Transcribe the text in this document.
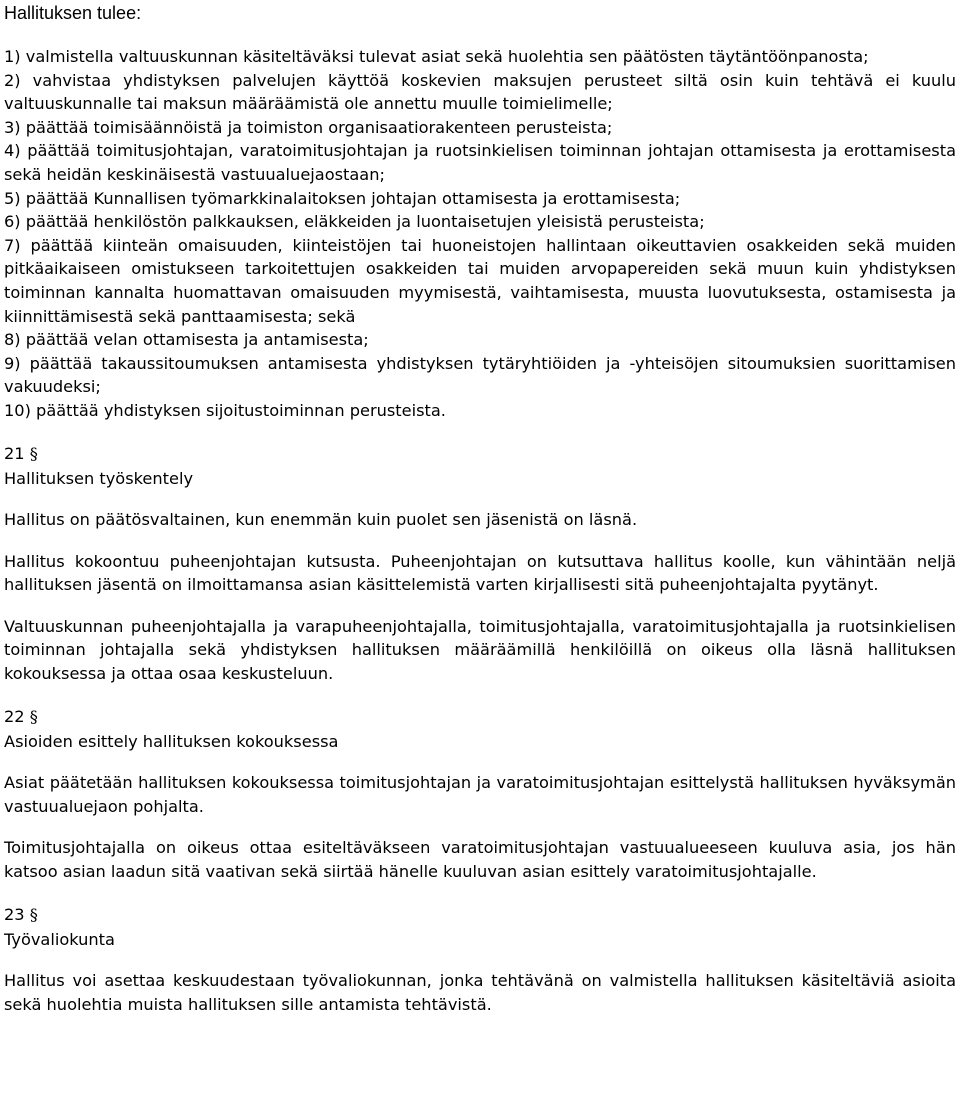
Hallituksen tulee:

1) valmistella valtuuskunnan käsiteltäväksi tulevat asiat sekä huolehtia sen päätösten täytäntöönpanosta;
2) vahvistaa yhdistyksen palvelujen käyttöä koskevien maksujen perusteet siltä osin kuin tehtävä ei kuulu valtuuskunnalle tai maksun määräämistä ole annettu muulle toimielimelle;
3) päättää toimisäännöistä ja toimiston organisaatiorakenteen perusteista;
4) päättää toimitusjohtajan, varatoimitusjohtajan ja ruotsinkielisen toiminnan johtajan ottamisesta ja erottamisesta sekä heidän keskinäisestä vastuualuejaostaan;
5) päättää Kunnallisen työmarkkinalaitoksen johtajan ottamisesta ja erottamisesta;
6) päättää henkilöstön palkkauksen, eläkkeiden ja luontaisetujen yleisistä perusteista;
7) päättää kiinteän omaisuuden, kiinteistöjen tai huoneistojen hallintaan oikeuttavien osakkeiden sekä muiden pitkäaikaiseen omistukseen tarkoitettujen osakkeiden tai muiden arvopapereiden sekä muun kuin yhdistyksen toiminnan kannalta huomattavan omaisuuden myymisestä, vaihtamisesta, muusta luovutuksesta, ostamisesta ja kiinnittämisestä sekä panttaamisesta; sekä
8) päättää velan ottamisesta ja antamisesta;
9) päättää takaussitoumuksen antamisesta yhdistyksen tytäryhtiöiden ja -yhteisöjen sitoumuksien suorittamisen vakuudeksi;
10) päättää yhdistyksen sijoitustoiminnan perusteista.

21 §

Hallituksen työskentely

Hallitus on päätösvaltainen, kun enemmän kuin puolet sen jäsenistä on läsnä.

Hallitus kokoontuu puheenjohtajan kutsusta. Puheenjohtajan on kutsuttava hallitus koolle, kun vähintään neljä hallituksen jäsentä on ilmoittamansa asian käsittelemistä varten kirjallisesti sitä puheenjohtajalta pyytänyt.

Valtuuskunnan puheenjohtajalla ja varapuheenjohtajalla, toimitusjohtajalla, varatoimitusjohtajalla ja ruotsinkielisen toiminnan johtajalla sekä yhdistyksen hallituksen määräämillä henkilöillä on oikeus olla läsnä hallituksen kokouksessa ja ottaa osaa keskusteluun.

22 §

Asioiden esittely hallituksen kokouksessa

Asiat päätetään hallituksen kokouksessa toimitusjohtajan ja varatoimitusjohtajan esittelystä hallituksen hyväksymän vastuualuejaon pohjalta.

Toimitusjohtajalla on oikeus ottaa esiteltäväkseen varatoimitusjohtajan vastuualueeseen kuuluva asia, jos hän katsoo asian laadun sitä vaativan sekä siirtää hänelle kuuluvan asian esittely varatoimitusjohtajalle.

23 §

Työvaliokunta

Hallitus voi asettaa keskuudestaan työvaliokunnan, jonka tehtävänä on valmistella hallituksen käsiteltäviä asioita sekä huolehtia muista hallituksen sille antamista tehtävistä.
